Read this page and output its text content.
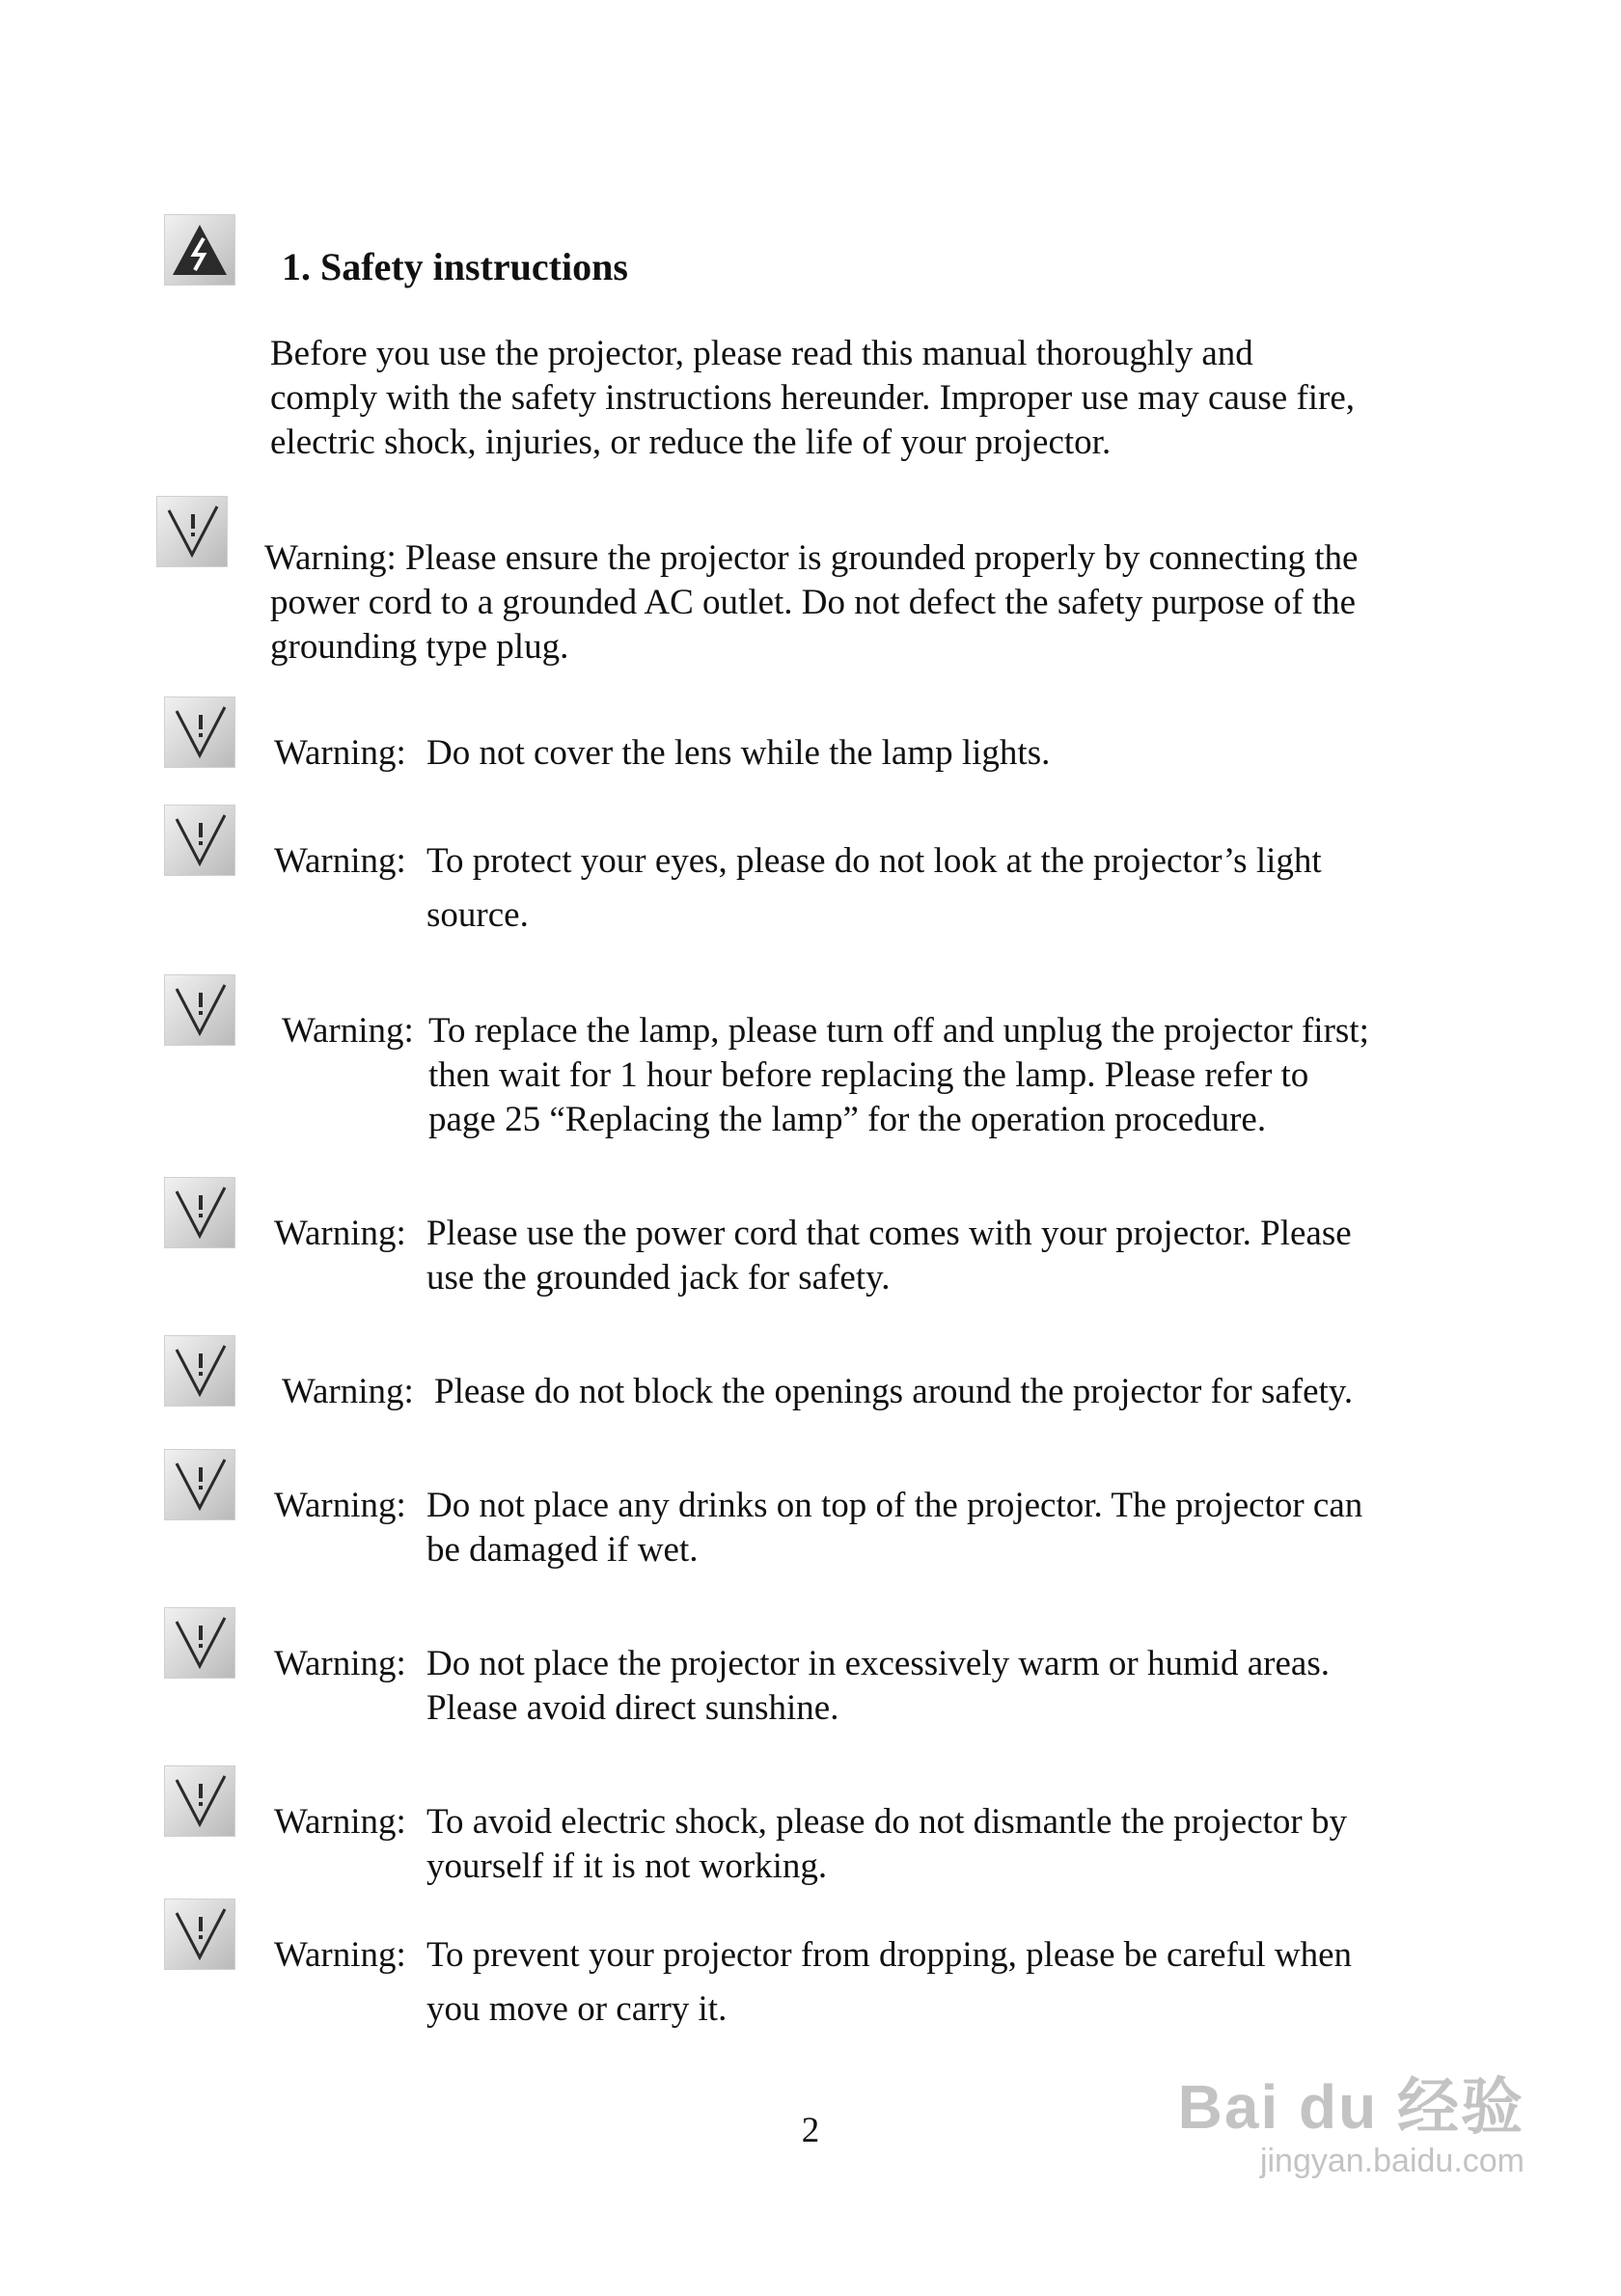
1. Safety instructions

Before you use the projector, please read this manual thoroughly and

comply with the safety instructions hereunder. Improper use may cause fire,

electric shock, injuries, or reduce the life of your projector.

Warning: Please ensure the projector is grounded properly by connecting the

power cord to a grounded AC outlet. Do not defect the safety purpose of the

grounding type plug.

Warning: Do not cover the lens while the lamp lights.
Warning: To protect your eyes, please do not look at the projector’s light
source.
Warning: To replace the lamp, please turn off and unplug the projector first;
then wait for 1 hour before replacing the lamp. Please refer to
page 25 “Replacing the lamp” for the operation procedure.
Warning: Please use the power cord that comes with your projector. Please
use the grounded jack for safety.
Warning: Please do not block the openings around the projector for safety.
Warning: Do not place any drinks on top of the projector. The projector can
be damaged if wet.
Warning: Do not place the projector in excessively warm or humid areas.
Please avoid direct sunshine.
Warning: To avoid electric shock, please do not dismantle the projector by
yourself if it is not working.
Warning: To prevent your projector from dropping, please be careful when
you move or carry it.
2	Bai du 经验
jingyan.baidu.com
